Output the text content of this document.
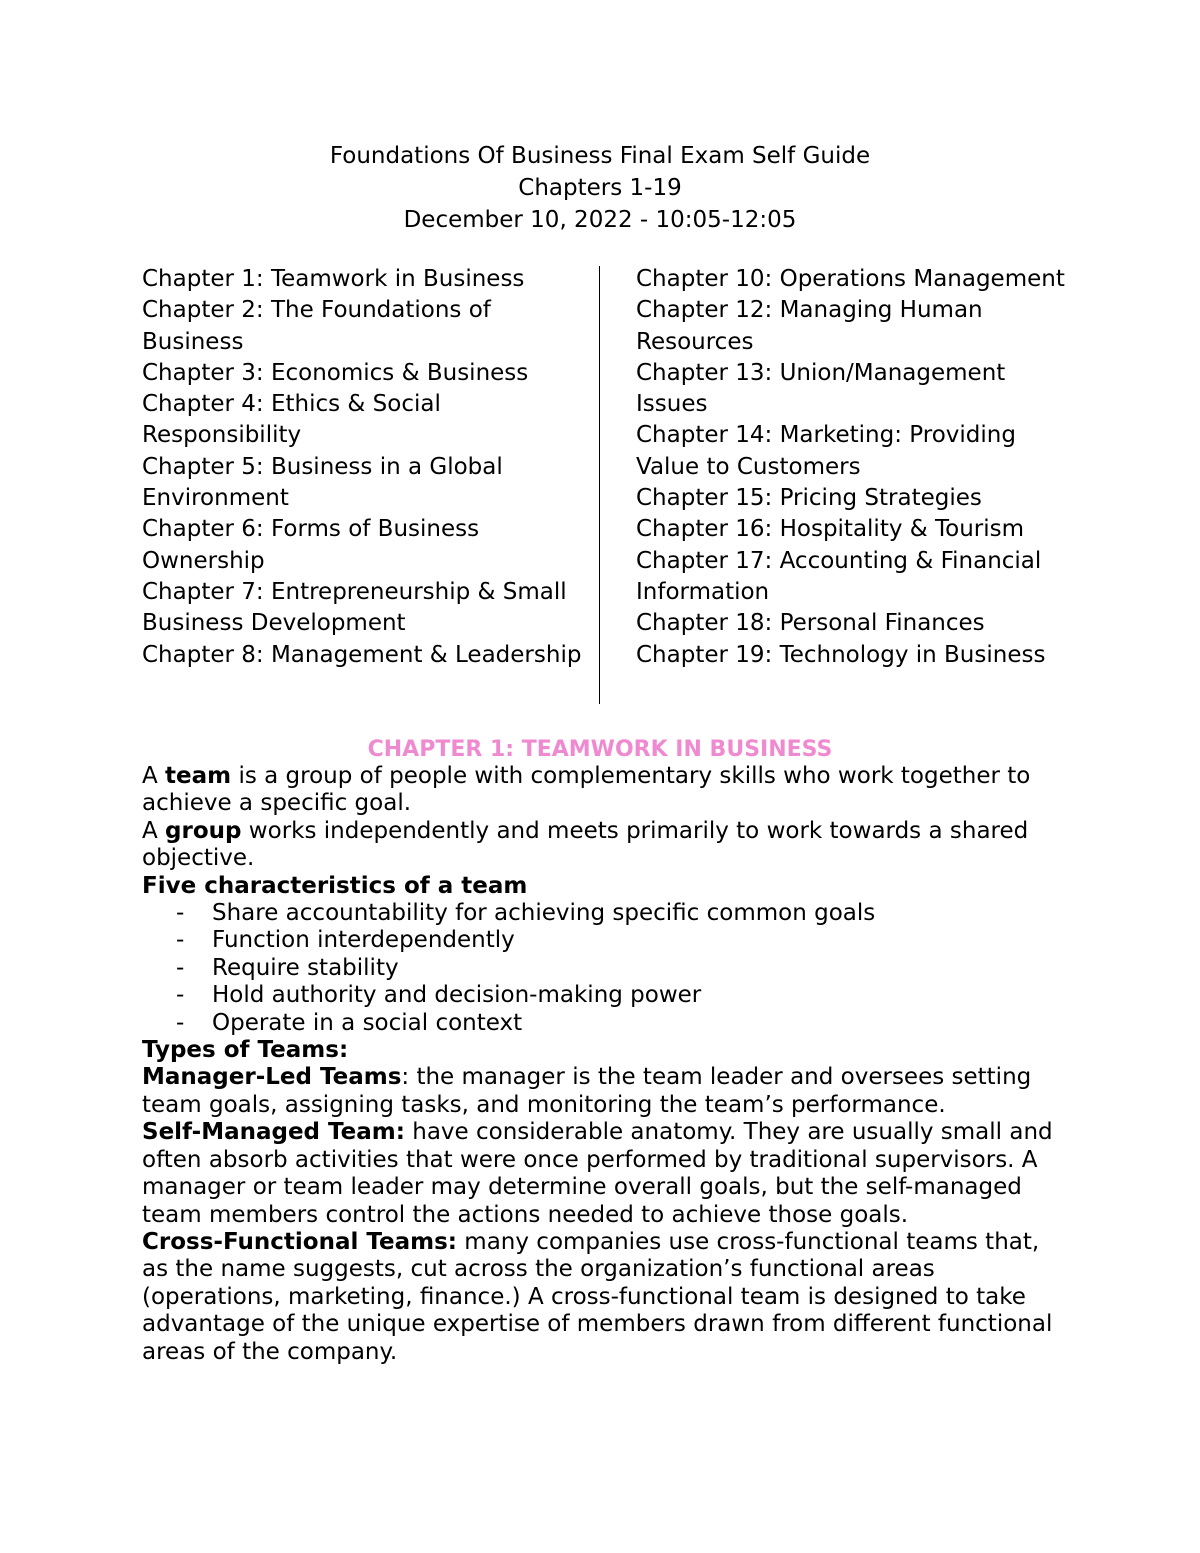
Foundations Of Business Final Exam Self Guide
Chapters 1-19
December 10, 2022 - 10:05-12:05
Chapter 1: Teamwork in Business
Chapter 2: The Foundations of Business
Chapter 3: Economics & Business
Chapter 4: Ethics & Social Responsibility
Chapter 5: Business in a Global Environment
Chapter 6: Forms of Business Ownership
Chapter 7: Entrepreneurship & Small Business Development
Chapter 8: Management & Leadership
Chapter 10: Operations Management
Chapter 12: Managing Human Resources
Chapter 13: Union/Management Issues
Chapter 14: Marketing: Providing Value to Customers
Chapter 15: Pricing Strategies
Chapter 16: Hospitality & Tourism
Chapter 17: Accounting & Financial Information
Chapter 18: Personal Finances
Chapter 19: Technology in Business
CHAPTER 1: TEAMWORK IN BUSINESS

A team is a group of people with complementary skills who work together to achieve a specific goal.

A group works independently and meets primarily to work towards a shared objective.

Five characteristics of a team

- Share accountability for achieving specific common goals
- Function interdependently
- Require stability
- Hold authority and decision-making power
- Operate in a social context

Types of Teams:

Manager-Led Teams: the manager is the team leader and oversees setting team goals, assigning tasks, and monitoring the team’s performance.

Self-Managed Team: have considerable anatomy. They are usually small and often absorb activities that were once performed by traditional supervisors. A manager or team leader may determine overall goals, but the self-managed team members control the actions needed to achieve those goals.

Cross-Functional Teams: many companies use cross-functional teams that, as the name suggests, cut across the organization’s functional areas (operations, marketing, finance.) A cross-functional team is designed to take advantage of the unique expertise of members drawn from different functional areas of the company.
